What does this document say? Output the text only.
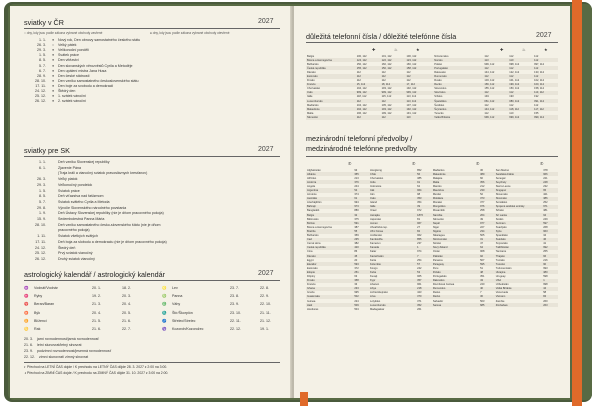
sviatky v ČR	2027
○ dny, kdy jsou podle zákona vybrané obchody zavřené	● dny, kdy jsou podle zákona vybrané obchody otevřené
1. 1. ● Nový rok, Den obnovy samostatného českého státu
26. 3. ○ Velký pátek
29. 3. ● Velikonoční pondělí
1. 5. ● Svátek práce
8. 5. ● Den vítězství
5. 7. ● Den slovanských věrozvěstů Cyrila a Metoděje
6. 7. ● Den upálení mistra Jana Husa
28. 9. ● Den české státnosti
28. 10. ● Den vzniku samostatného československého státu
17. 11. ● Den boje za svobodu a demokracii
24. 12. ● Štědrý den
25. 12. ● 1. svátek vánoční
26. 12. ● 2. svátek vánoční
sviatky pre SK	2027
1. 1.	Deň vzniku Slovenskej republiky
6. 1.	Zjavenie Pána
(Traja králi a vianočný sviatok pravoslávnych kresťanov)
26. 3.	Veľký piatok
29. 3.	Veľkonočný pondelok
1. 5.	Sviatok práce
8. 5.	Deň víťazstva nad fašizmom
5. 7.	Sviatok svätého Cyrila a Metoda
29. 8.	Výročie Slovenského národného povstania
1. 9.	Deň Ústavy Slovenskej republiky (nie je dňom pracovného pokoja)
15. 9.	Sedembolestná Panna Mária
28. 10.	Deň vzniku samostatného česko-slovenského štátu (nie je dňom
pracovného pokoja)
1. 11.	Sviatok všetkých svätých
17. 11.	Deň boja za slobodu a demokraciu (nie je dňom pracovného pokoja)
24. 12.	Štedrý deň
25. 12.	Prvý sviatok vianočný
26. 12.	Druhý sviatok vianočný
astrologický kalendář / astrologický kalendár	2027
♒ Vodnář/Vodnár	20. 1.	18. 2.
♓ Ryby	19. 2.	20. 3.
♈ Beran/Baran	21. 3.	20. 4.
♉ Býk	20. 4.	20. 5.
♊ Blíženci	21. 5.	21. 6.
♋ Rak	21. 6.	22. 7.
♌ Lev	23. 7.	22. 8.
♍ Panna	23. 8.	22. 9.
♎ Váhy	23. 9.	22. 10.
♏ Štír/Škorpión	23. 10.	21. 11.
♐ Střelec/Strelec	22. 11.	21. 12.
♑ Kozoroh/Kozorožec	22. 12.	19. 1.
20. 3. jarní rovnodennost/jarná rovnodennosť
21. 6. letní slunovrat/letný slnovrat
23. 9. podzimní rovnodennost/jesenná rovnodennosť
22. 12. zimní slunovrat/ zimný slnovrat
◐ Přechod na LETNÍ ČAS dojde / K prechodu na LETNÝ ČAS dôjde 28. 3. 2027 z 2:00 na 3:00.
◑ Přechod na ZIMNÍ ČAS dojde / K prechodu na ZIMNÝ ČAS dôjde 31. 10. 2027 z 3:00 na 2:00.
důležitá telefonní čísla / dôležité telefónne čísla	2027
✚	♨	★	✚	♨	★
Belgie	100, 112	101, 112	100, 112	Nizozemsko	112	112	112
Bosna a Hercegovina	124, 112	122, 112	123, 112	Norsko	113	110	112
Bulharsko	150, 112	160, 112	166, 112	Polsko	999, 112	998, 112	997, 112
Česká republika	155, 112	150, 112	158, 112	Portugalsko	112	112	112
Dánsko	112	112	112	Rakousko	144, 112	122, 112	133, 112
Estonsko	112	112	112	Rumunsko	112	112	112
Finsko	112	112	112	Rusko	103, 112	101, 112	102, 112
Francie	15, 112	18, 112	17, 112	Řecko	166, 112	199, 112	100, 112
Chorvatsko	194, 112	193, 112	192, 112	Slovensko	155, 112	150, 112	158, 112
Irsko	999, 112	999, 112	999, 112	Slovinsko	112	112	113, 112
Itálie	118, 112	115, 112	113, 112	Srbsko	194	193	192
Lucembursko	112	112	113, 112	Španělsko	061, 112	080, 112	091, 112
Maďarsko	104, 112	105, 112	107, 112	Švédsko	112	112	112
Makedonie	194, 112	193, 112	192, 112	Švýcarsko	144, 112	118, 112	117, 112
Malta	196, 112	199, 112	191, 112	Turecko	112	110	155
Německo	112	112	110	Velká Británie	999, 112	999, 112	999, 112
mezinárodní telefonní předvolby /
medzinárodné telefónne predvoľby
✆	✆	✆	✆
Afghánistán	93	Hongkong	852	Maďarsko	36	San Marino	378
Albánie	355	Chile	56	Makedonie	389	Saúdská Arábie	966
Alžírsko	213	Chorvatsko	385	Malajsie	60	Senegal	221
Andorra	376	Indie	91	Malta	356	Seychely	248
Angola	244	Indonésie	62	Maroko	212	Sierra Leone	232
Argentina	54	Irák	964	Mauricius	230	Singapur	65
Arménie	374	Írán	98	Mexiko	52	Slovensko	421
Austrálie	61	Irsko	353	Moldávie	373	Slovinsko	386
Ázerbájdžán	994	Island	354	Monako	377	Somálsko	252
Bahrajn	973	Itálie	39	Mongolsko	976	Spojené arabské emiráty	971
Bangladéš	880	Izrael	972	Mosambik	258	Srbsko	381
Belgie	32	Jamajka	1876	Namibie	264	Srí Lanka	94
Bělorusko	375	Japonsko	81	Německo	49	Súdán	249
Bolívie	591	Jemen	967	Nepál	977	Surinam	597
Bosna a Hercegovina	387	Jihoafrická rep.	27	Niger	227	Svazijsko	268
Brazílie	55	Jižní Korea	82	Nigérie	234	Sýrie	963
Bulharsko	359	Jordánsko	962	Nikaragua	505	Španělsko	34
Čad	235	Kambodža	855	Nizozemsko	31	Švédsko	46
Černá Hora	382	Kamerun	237	Norsko	47	Švýcarsko	41
Česká republika	420	Kanada	1	Nový Zéland	64	Tádžikistán	992
Čína	86	Katar	974	Omán	968	Tanzanie	255
Dánsko	45	Kazachstán	7	Pákistán	92	Thajsko	66
Egypt	20	Keňa	254	Panama	507	Tunisko	216
Ekvádor	593	Kolumbie	57	Paraguay	595	Turecko	90
Estonsko	372	Kongo	242	Peru	51	Turkmenistán	993
Etiopie	251	Kuba	53	Polsko	48	Ukrajina	380
Filipíny	63	Kuvajt	965	Portugalsko	351	Uruguay	598
Finsko	358	Kypr	357	Rakousko	43	USA	1
Francie	33	Libanon	961	Rovníková Guinea	240	Uzbekistán	998
Ghana	233	Libye	218	Rumunsko	40	Velká Británie	44
Gruzie	995	Lichtenštejnsko	423	Rusko	7	Venezuela	58
Guatemala	502	Litva	370	Řecko	30	Vietnam	84
Guinea	224	Lotyšsko	371	Salvador	503	Zambie	260
Haiti	509	Lucembursko	352	Samoa	685	Zimbabwe	263
Honduras	504	Madagaskar	261				
